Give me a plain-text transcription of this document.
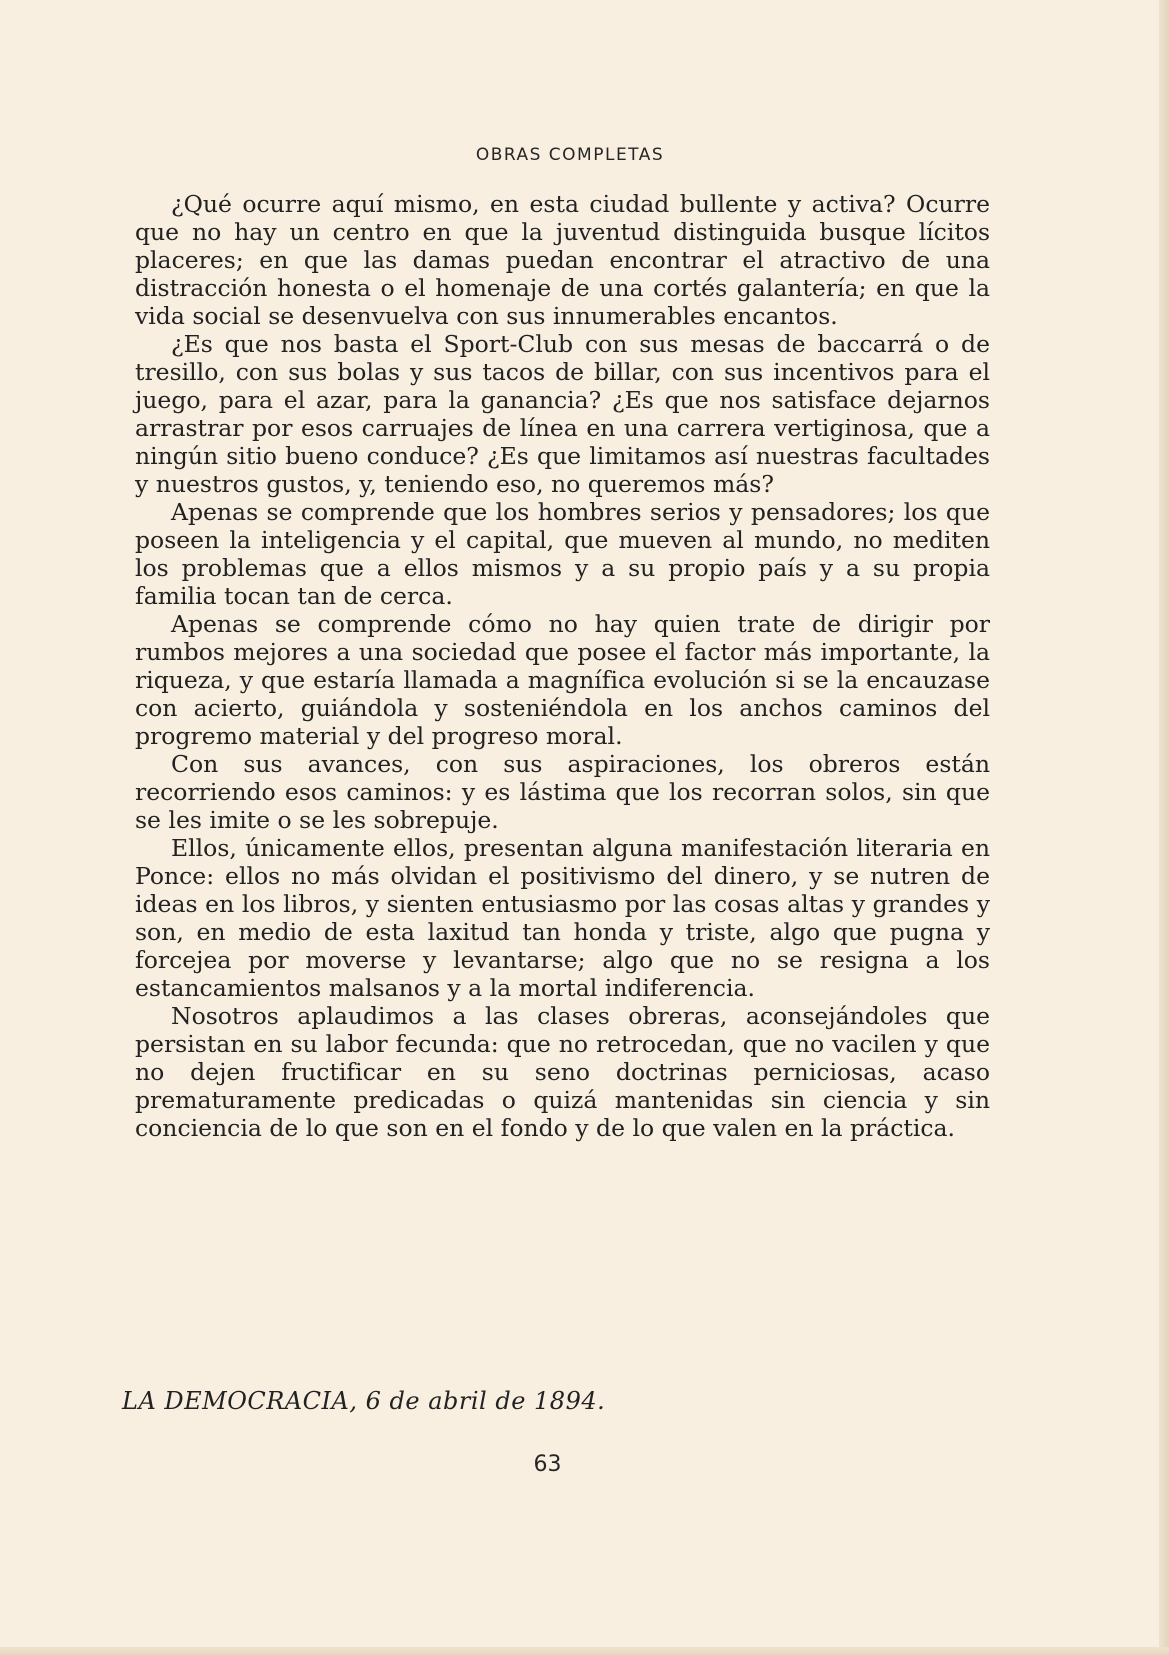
OBRAS COMPLETAS

¿Qué ocurre aquí mismo, en esta ciudad bullente y activa? Ocurre que no hay un centro en que la juventud distinguida busque lícitos placeres; en que las damas puedan encontrar el atractivo de una distracción honesta o el homenaje de una cortés galantería; en que la vida social se desenvuelva con sus innumerables encantos.

¿Es que nos basta el Sport-Club con sus mesas de baccarrá o de tresillo, con sus bolas y sus tacos de billar, con sus incentivos para el juego, para el azar, para la ganancia? ¿Es que nos satisface dejarnos arrastrar por esos carruajes de línea en una carrera vertiginosa, que a ningún sitio bueno conduce? ¿Es que limitamos así nuestras facultades y nuestros gustos, y, teniendo eso, no queremos más?

Apenas se comprende que los hombres serios y pensadores; los que poseen la inteligencia y el capital, que mueven al mundo, no mediten los problemas que a ellos mismos y a su propio país y a su propia familia tocan tan de cerca.

Apenas se comprende cómo no hay quien trate de dirigir por rumbos mejores a una sociedad que posee el factor más importante, la riqueza, y que estaría llamada a magnífica evolución si se la encauzase con acierto, guiándola y sosteniéndola en los anchos caminos del progremo material y del progreso moral.

Con sus avances, con sus aspiraciones, los obreros están recorriendo esos caminos: y es lástima que los recorran solos, sin que se les imite o se les sobrepuje.

Ellos, únicamente ellos, presentan alguna manifestación literaria en Ponce: ellos no más olvidan el positivismo del dinero, y se nutren de ideas en los libros, y sienten entusiasmo por las cosas altas y grandes y son, en medio de esta laxitud tan honda y triste, algo que pugna y forcejea por moverse y levantarse; algo que no se resigna a los estancamientos malsanos y a la mortal indiferencia.

Nosotros aplaudimos a las clases obreras, aconsejándoles que persistan en su labor fecunda: que no retrocedan, que no vacilen y que no dejen fructificar en su seno doctrinas perniciosas, acaso prematuramente predicadas o quizá mantenidas sin ciencia y sin conciencia de lo que son en el fondo y de lo que valen en la práctica.

LA DEMOCRACIA, 6 de abril de 1894.
63
